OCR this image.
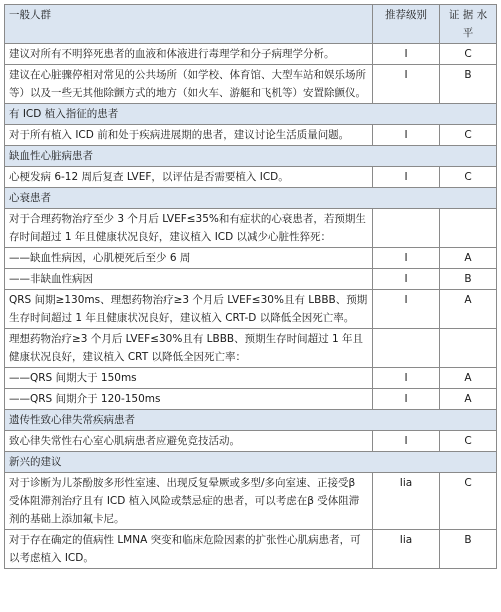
一般人群	推荐级别	证 据 水 平
建议对所有不明猝死患者的血液和体液进行毒理学和分子病理学分析。	I	C
建议在心脏骤停相对常见的公共场所（如学校、体育馆、大型车站和娱乐场所等）以及一些无其他除颤方式的地方（如火车、游艇和飞机等）安置除颤仪。	I	B
有 ICD 植入指征的患者		
对于所有植入 ICD 前和处于疾病进展期的患者，建议讨论生活质量问题。	I	C
缺血性心脏病患者		
心梗发病 6-12 周后复查 LVEF，以评估是否需要植入 ICD。	I	C
心衰患者		
对于合理药物治疗至少 3 个月后 LVEF≤35%和有症状的心衰患者，若预期生存时间超过 1 年且健康状况良好，建议植入 ICD 以减少心脏性猝死：		
——缺血性病因，心肌梗死后至少 6 周	I	A
——非缺血性病因	I	B
QRS 间期≥130ms、理想药物治疗≥3 个月后 LVEF≤30%且有 LBBB、预期生存时间超过 1 年且健康状况良好，建议植入 CRT-D 以降低全因死亡率。	I	A
理想药物治疗≥3 个月后 LVEF≤30%且有 LBBB、预期生存时间超过 1 年且健康状况良好，建议植入 CRT 以降低全因死亡率：		
——QRS 间期大于 150ms	I	A
——QRS 间期介于 120-150ms	I	A
遗传性致心律失常疾病患者		
致心律失常性右心室心肌病患者应避免竞技活动。	I	C
新兴的建议		
对于诊断为儿茶酚胺多形性室速、出现反复晕厥或多型/多向室速、正接受β 受体阻滞剂治疗且有 ICD 植入风险或禁忌症的患者，可以考虑在β 受体阻滞剂的基础上添加氟卡尼。	Iia	C
对于存在确定的值病性 LMNA 突变和临床危险因素的扩张性心肌病患者，可以考虑植入 ICD。	Iia	B
